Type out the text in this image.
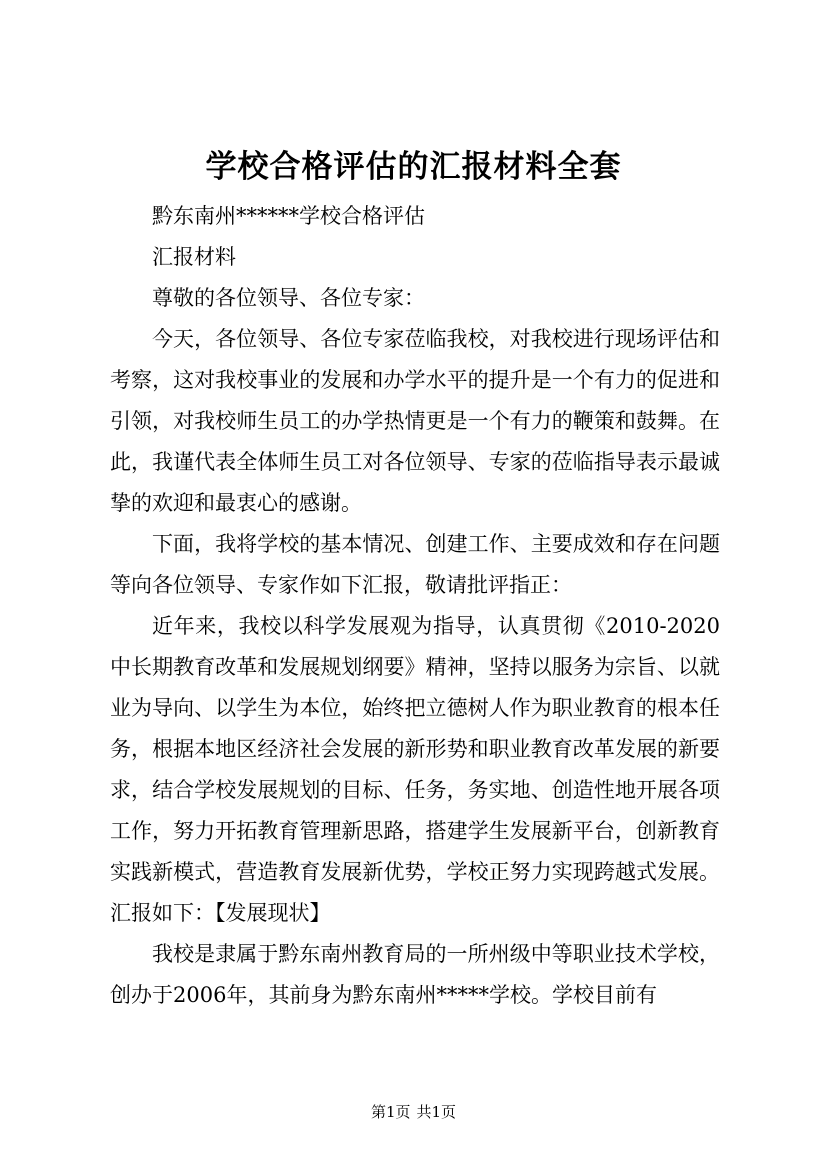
学校合格评估的汇报材料全套

黔东南州******学校合格评估

汇报材料

尊敬的各位领导、各位专家：

今天，各位领导、各位专家莅临我校，对我校进行现场评估和考察，这对我校事业的发展和办学水平的提升是一个有力的促进和引领，对我校师生员工的办学热情更是一个有力的鞭策和鼓舞。在此，我谨代表全体师生员工对各位领导、专家的莅临指导表示最诚挚的欢迎和最衷心的感谢。

下面，我将学校的基本情况、创建工作、主要成效和存在问题等向各位领导、专家作如下汇报，敬请批评指正：

近年来，我校以科学发展观为指导，认真贯彻《2010-2020中长期教育改革和发展规划纲要》精神，坚持以服务为宗旨、以就业为导向、以学生为本位，始终把立德树人作为职业教育的根本任务，根据本地区经济社会发展的新形势和职业教育改革发展的新要求，结合学校发展规划的目标、任务，务实地、创造性地开展各项工作，努力开拓教育管理新思路，搭建学生发展新平台，创新教育实践新模式，营造教育发展新优势，学校正努力实现跨越式发展。汇报如下：【发展现状】

我校是隶属于黔东南州教育局的一所州级中等职业技术学校，创办于2006年，其前身为黔东南州*****学校。学校目前有

第1页 共1页
